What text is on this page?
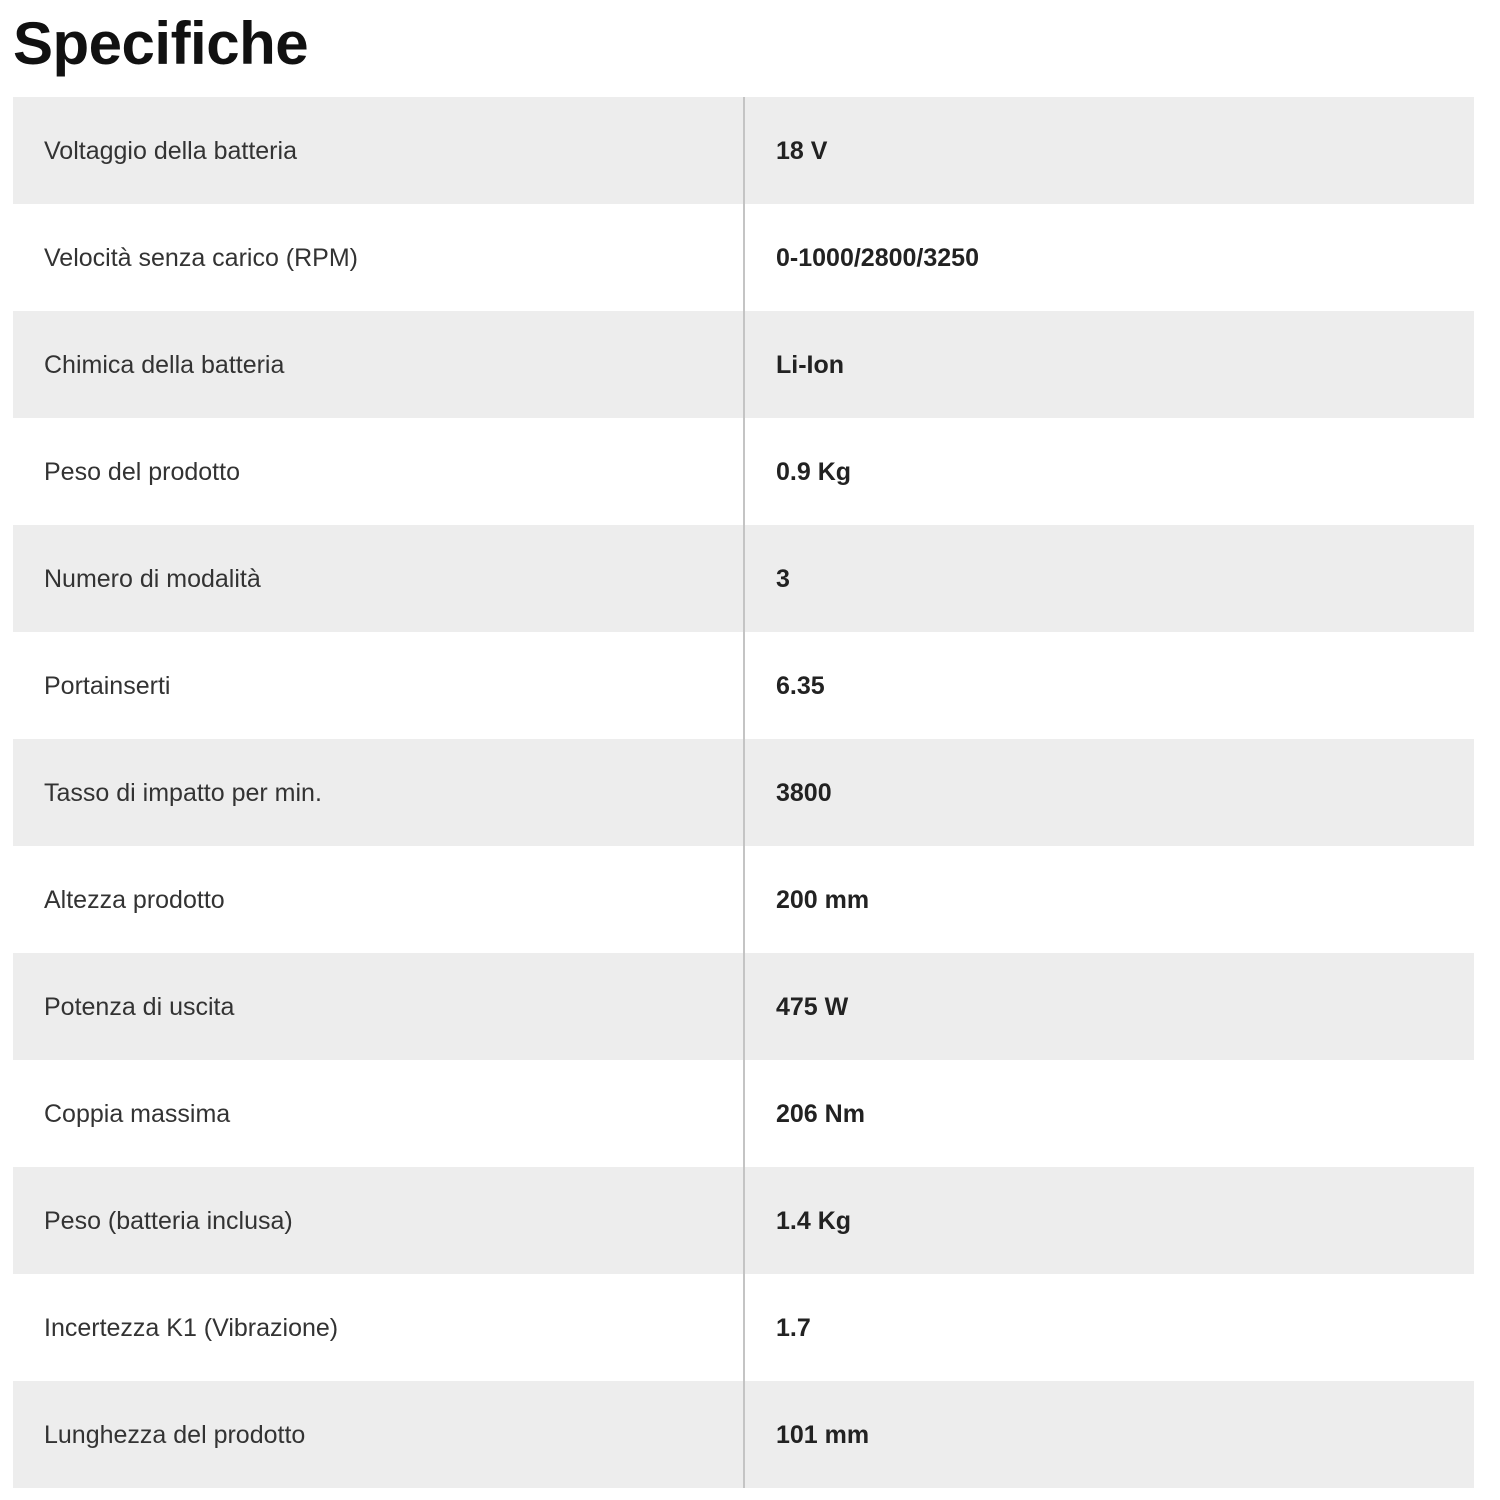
Specifiche
Voltaggio della batteria	18 V
Velocità senza carico (RPM)	0-1000/2800/3250
Chimica della batteria	Li-Ion
Peso del prodotto	0.9 Kg
Numero di modalità	3
Portainserti	6.35
Tasso di impatto per min.	3800
Altezza prodotto	200 mm
Potenza di uscita	475 W
Coppia massima	206 Nm
Peso (batteria inclusa)	1.4 Kg
Incertezza K1 (Vibrazione)	1.7
Lunghezza del prodotto	101 mm
